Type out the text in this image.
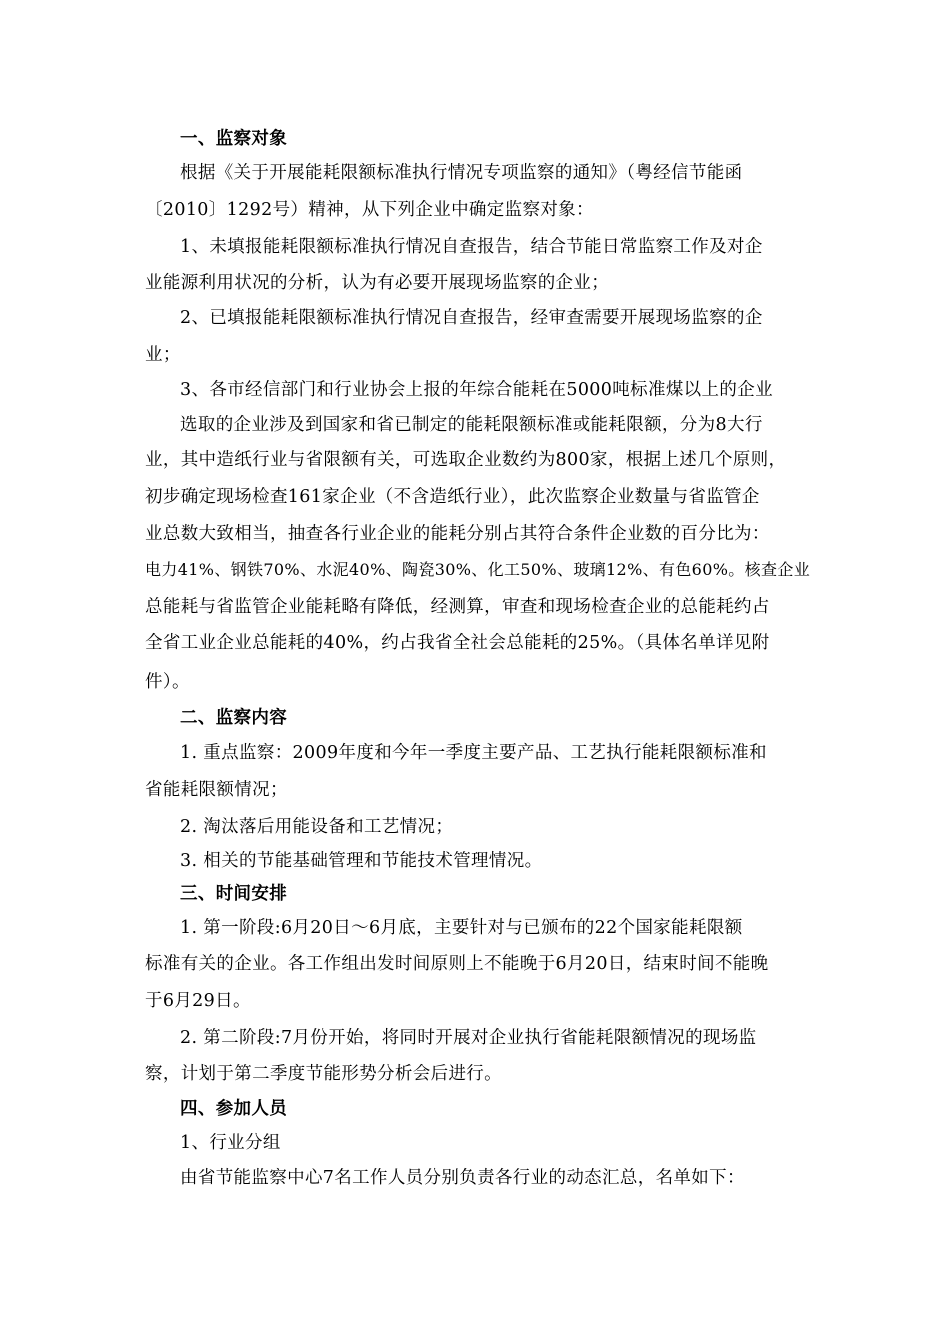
一、监察对象
根据《关于开展能耗限额标准执行情况专项监察的通知》（粤经信节能函
〔2010〕1292号）精神，从下列企业中确定监察对象：
1、未填报能耗限额标准执行情况自查报告，结合节能日常监察工作及对企
业能源利用状况的分析，认为有必要开展现场监察的企业；
2、已填报能耗限额标准执行情况自查报告，经审查需要开展现场监察的企
业；
3、各市经信部门和行业协会上报的年综合能耗在5000吨标准煤以上的企业
选取的企业涉及到国家和省已制定的能耗限额标准或能耗限额，分为8大行
业，其中造纸行业与省限额有关，可选取企业数约为800家，根据上述几个原则，
初步确定现场检查161家企业（不含造纸行业），此次监察企业数量与省监管企
业总数大致相当，抽查各行业企业的能耗分别占其符合条件企业数的百分比为：
电力41%、钢铁70%、水泥40%、陶瓷30%、化工50%、玻璃12%、有色60%。核查企业
总能耗与省监管企业能耗略有降低，经测算，审查和现场检查企业的总能耗约占
全省工业企业总能耗的40%，约占我省全社会总能耗的25%。（具体名单详见附
件）。
二、监察内容
1. 重点监察：2009年度和今年一季度主要产品、工艺执行能耗限额标准和
省能耗限额情况；
2. 淘汰落后用能设备和工艺情况；
3. 相关的节能基础管理和节能技术管理情况。
三、时间安排
1. 第一阶段:6月20日～6月底，主要针对与已颁布的22个国家能耗限额
标准有关的企业。各工作组出发时间原则上不能晚于6月20日，结束时间不能晚
于6月29日。
2. 第二阶段:7月份开始，将同时开展对企业执行省能耗限额情况的现场监
察，计划于第二季度节能形势分析会后进行。
四、参加人员
1、行业分组
由省节能监察中心7名工作人员分别负责各行业的动态汇总，名单如下：
